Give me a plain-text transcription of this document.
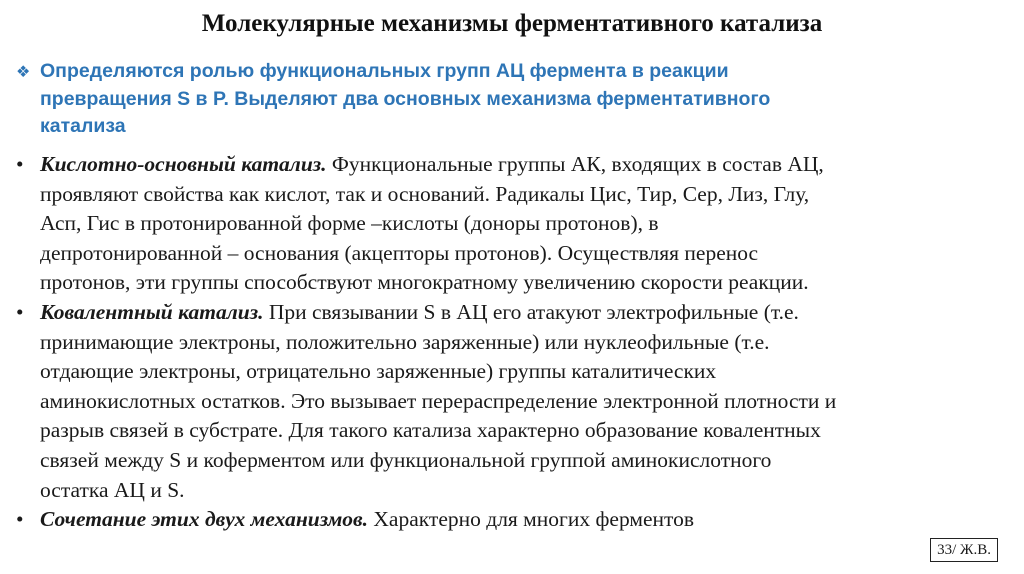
Молекулярные механизмы ферментативного катализа
❖ Определяются ролью функциональных групп АЦ фермента в реакции
превращения S в P. Выделяют два основных механизма ферментативного
катализа
• Кислотно-основный катализ. Функциональные группы АК, входящих в состав АЦ,
проявляют свойства как кислот, так и оснований. Радикалы Цис, Тир, Сер, Лиз, Глу,
Асп, Гис в протонированной форме –кислоты (доноры протонов), в
депротонированной – основания (акцепторы протонов). Осуществляя перенос
протонов, эти группы способствуют многократному увеличению скорости реакции.
• Ковалентный катализ. При связывании S в АЦ его атакуют электрофильные (т.е.
принимающие электроны, положительно заряженные) или нуклеофильные (т.е.
отдающие электроны, отрицательно заряженные) группы каталитических
аминокислотных остатков. Это вызывает перераспределение электронной плотности и
разрыв связей в субстрате. Для такого катализа характерно образование ковалентных
связей между S и коферментом или функциональной группой аминокислотного
остатка АЦ и S.
• Сочетание этих двух механизмов. Характерно для многих ферментов
33/ Ж.В.
